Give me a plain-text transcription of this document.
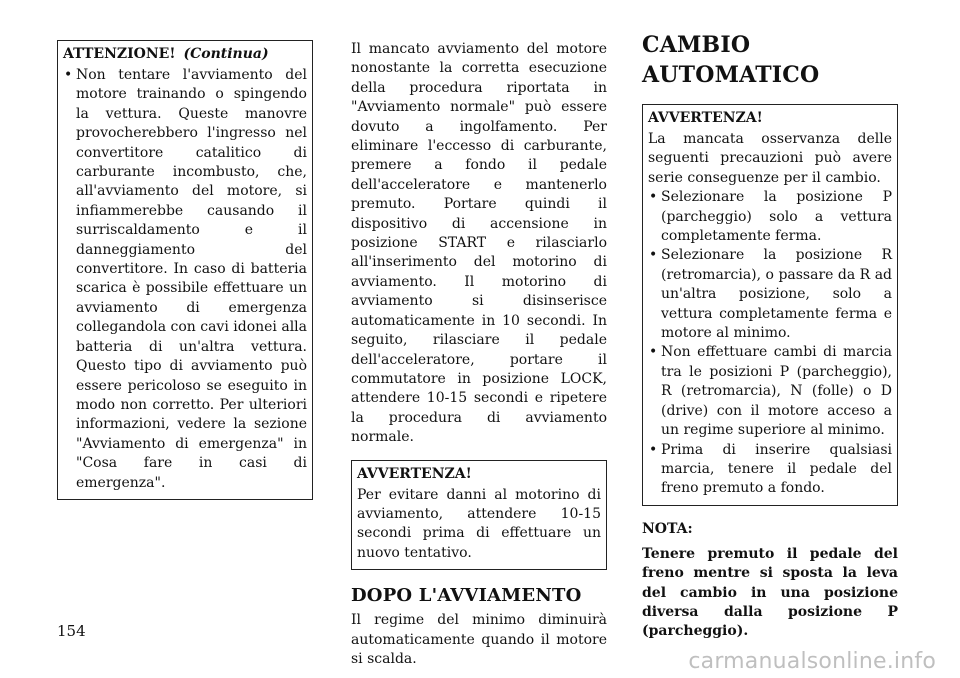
ATTENZIONE! (Continua)
• Non tentare l'avviamento del motore trainando o spingendo la vettura. Queste manovre provocherebbero l'ingresso nel convertitore catalitico di carburante incombusto, che, all'avviamento del motore, si infiammerebbe causando il surriscaldamento e il danneggiamento del convertitore. In caso di batteria scarica è possibile effettuare un avviamento di emergenza collegandola con cavi idonei alla batteria di un'altra vettura. Questo tipo di avviamento può essere pericoloso se eseguito in modo non corretto. Per ulteriori informazioni, vedere la sezione "Avviamento di emergenza" in "Cosa fare in casi di emergenza".

Il mancato avviamento del motore nonostante la corretta esecuzione della procedura riportata in "Avviamento normale" può essere dovuto a ingolfamento. Per eliminare l'eccesso di carburante, premere a fondo il pedale dell'acceleratore e mantenerlo premuto. Portare quindi il dispositivo di accensione in posizione START e rilasciarlo all'inserimento del motorino di avviamento. Il motorino di avviamento si disinserisce automaticamente in 10 secondi. In seguito, rilasciare il pedale dell'acceleratore, portare il commutatore in posizione LOCK, attendere 10-15 secondi e ripetere la procedura di avviamento normale.

AVVERTENZA!

Per evitare danni al motorino di avviamento, attendere 10-15 secondi prima di effettuare un nuovo tentativo.

DOPO L'AVVIAMENTO

Il regime del minimo diminuirà automaticamente quando il motore si scalda.

CAMBIO AUTOMATICO
AVVERTENZA!

La mancata osservanza delle seguenti precauzioni può avere serie conseguenze per il cambio.

• Selezionare la posizione P (parcheggio) solo a vettura completamente ferma.
• Selezionare la posizione R (retromarcia), o passare da R ad un'altra posizione, solo a vettura completamente ferma e motore al minimo.
• Non effettuare cambi di marcia tra le posizioni P (parcheggio), R (retromarcia), N (folle) o D (drive) con il motore acceso a un regime superiore al minimo.
• Prima di inserire qualsiasi marcia, tenere il pedale del freno premuto a fondo.
NOTA:
Tenere premuto il pedale del freno mentre si sposta la leva del cambio in una posizione diversa dalla posizione P (parcheggio).
154
carmanualsonline.info
